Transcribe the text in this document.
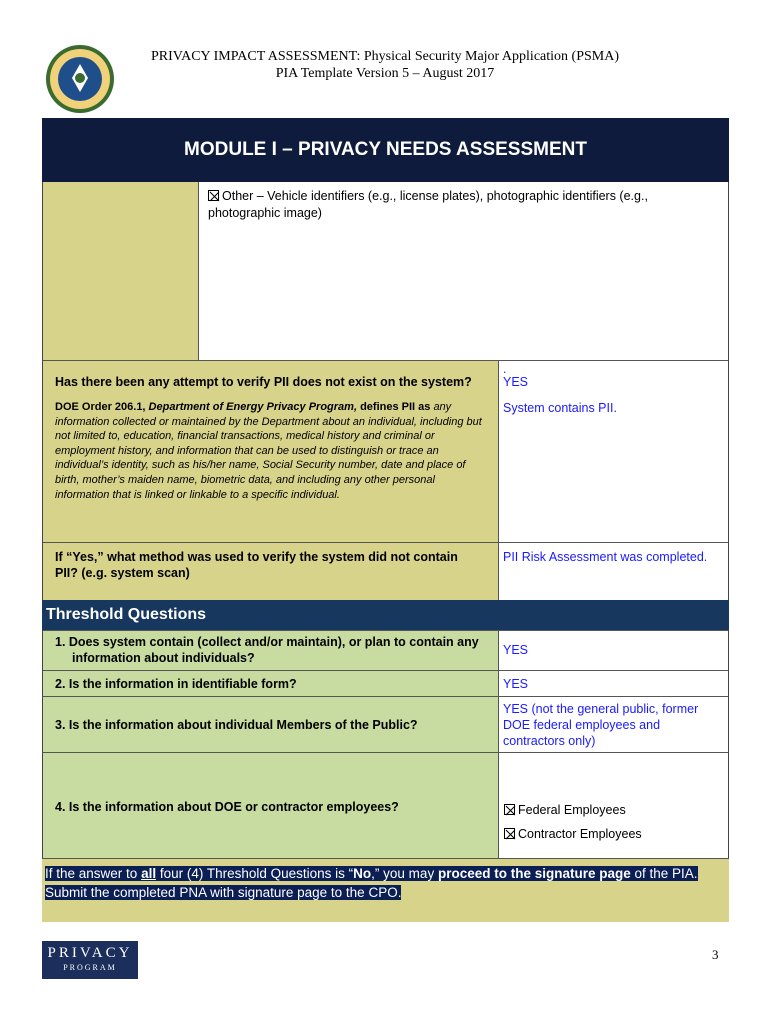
PRIVACY IMPACT ASSESSMENT: Physical Security Major Application (PSMA)
PIA Template Version 5 – August 2017
MODULE I – PRIVACY NEEDS ASSESSMENT
Other – Vehicle identifiers (e.g., license plates), photographic identifiers (e.g., photographic image)
Has there been any attempt to verify PII does not exist on the system?
DOE Order 206.1, Department of Energy Privacy Program, defines PII as any information collected or maintained by the Department about an individual, including but not limited to, education, financial transactions, medical history and criminal or employment history, and information that can be used to distinguish or trace an individual’s identity, such as his/her name, Social Security number, date and place of birth, mother’s maiden name, biometric data, and including any other personal information that is linked or linkable to a specific individual.
.
YES
System contains PII.
If “Yes,” what method was used to verify the system did not contain PII? (e.g. system scan)
PII Risk Assessment was completed.
Threshold Questions
1. Does system contain (collect and/or maintain), or plan to contain any information about individuals?
YES
2. Is the information in identifiable form?	YES
3. Is the information about individual Members of the Public?
YES (not the general public, former DOE federal employees and contractors only)
4. Is the information about DOE or contractor employees?	Federal Employees
Contractor Employees
If the answer to all four (4) Threshold Questions is “No,” you may proceed to the signature page of the PIA. Submit the completed PNA with signature page to the CPO.
PRIVACY
PROGRAM
3
